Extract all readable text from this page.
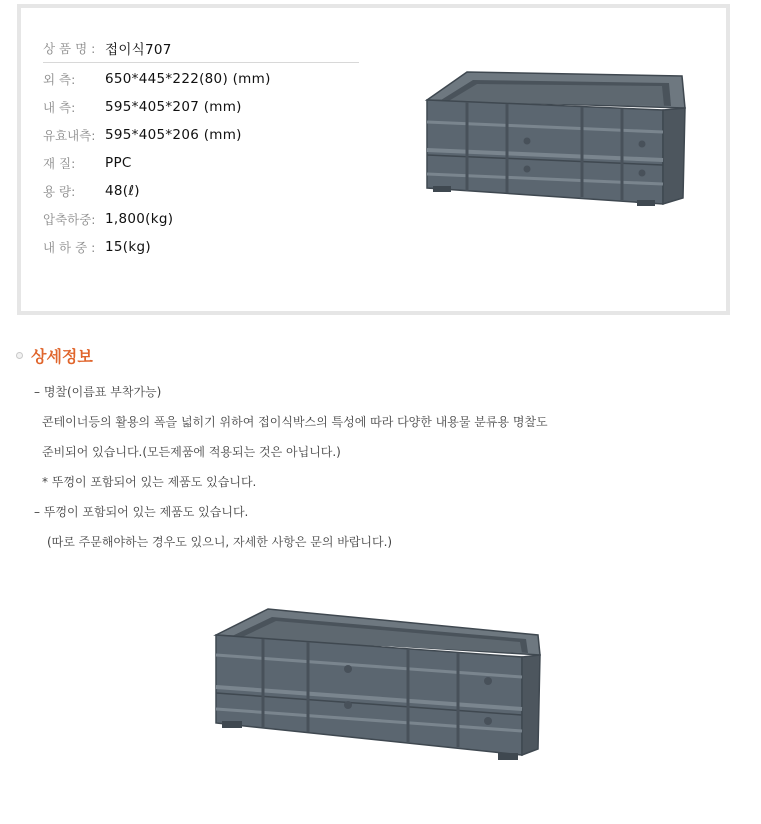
상 품 명 : 접이식707
외 측:	650*445*222(80) (mm)
내 측:	595*405*207 (mm)
유효내측: 595*405*206 (mm)
재 질:	PPC
용 량:	48(ℓ)
압축하중: 1,800(kg)
내 하 중 : 15(kg)
상세정보
– 명찰(이름표 부착가능)
콘테이너등의 활용의 폭을 넓히기 위하여 접이식박스의 특성에 따라 다양한 내용물 분류용 명찰도
준비되어 있습니다.(모든제품에 적용되는 것은 아닙니다.)
* 뚜껑이 포함되어 있는 제품도 있습니다.
– 뚜껑이 포함되어 있는 제품도 있습니다.
(따로 주문해야하는 경우도 있으니, 자세한 사항은 문의 바랍니다.)
